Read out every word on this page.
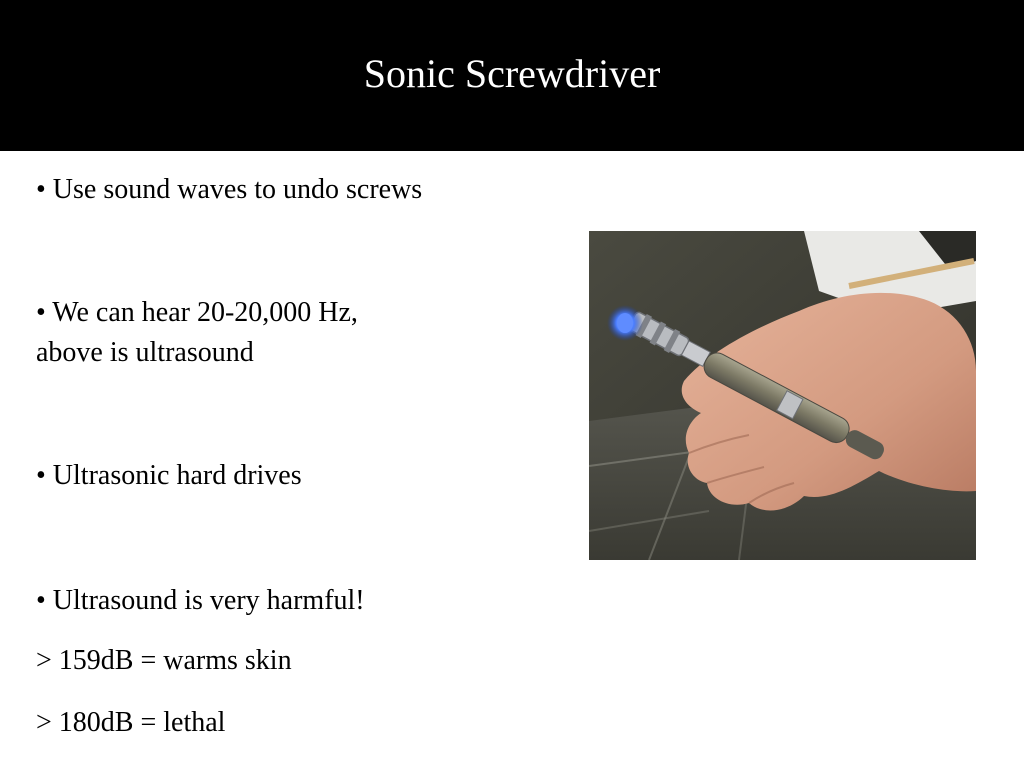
Sonic Screwdriver
• Use sound waves to undo screws
• We can hear 20-20,000 Hz,
above is ultrasound
• Ultrasonic hard drives
• Ultrasound is very harmful!
> 159dB = warms skin
> 180dB = lethal
